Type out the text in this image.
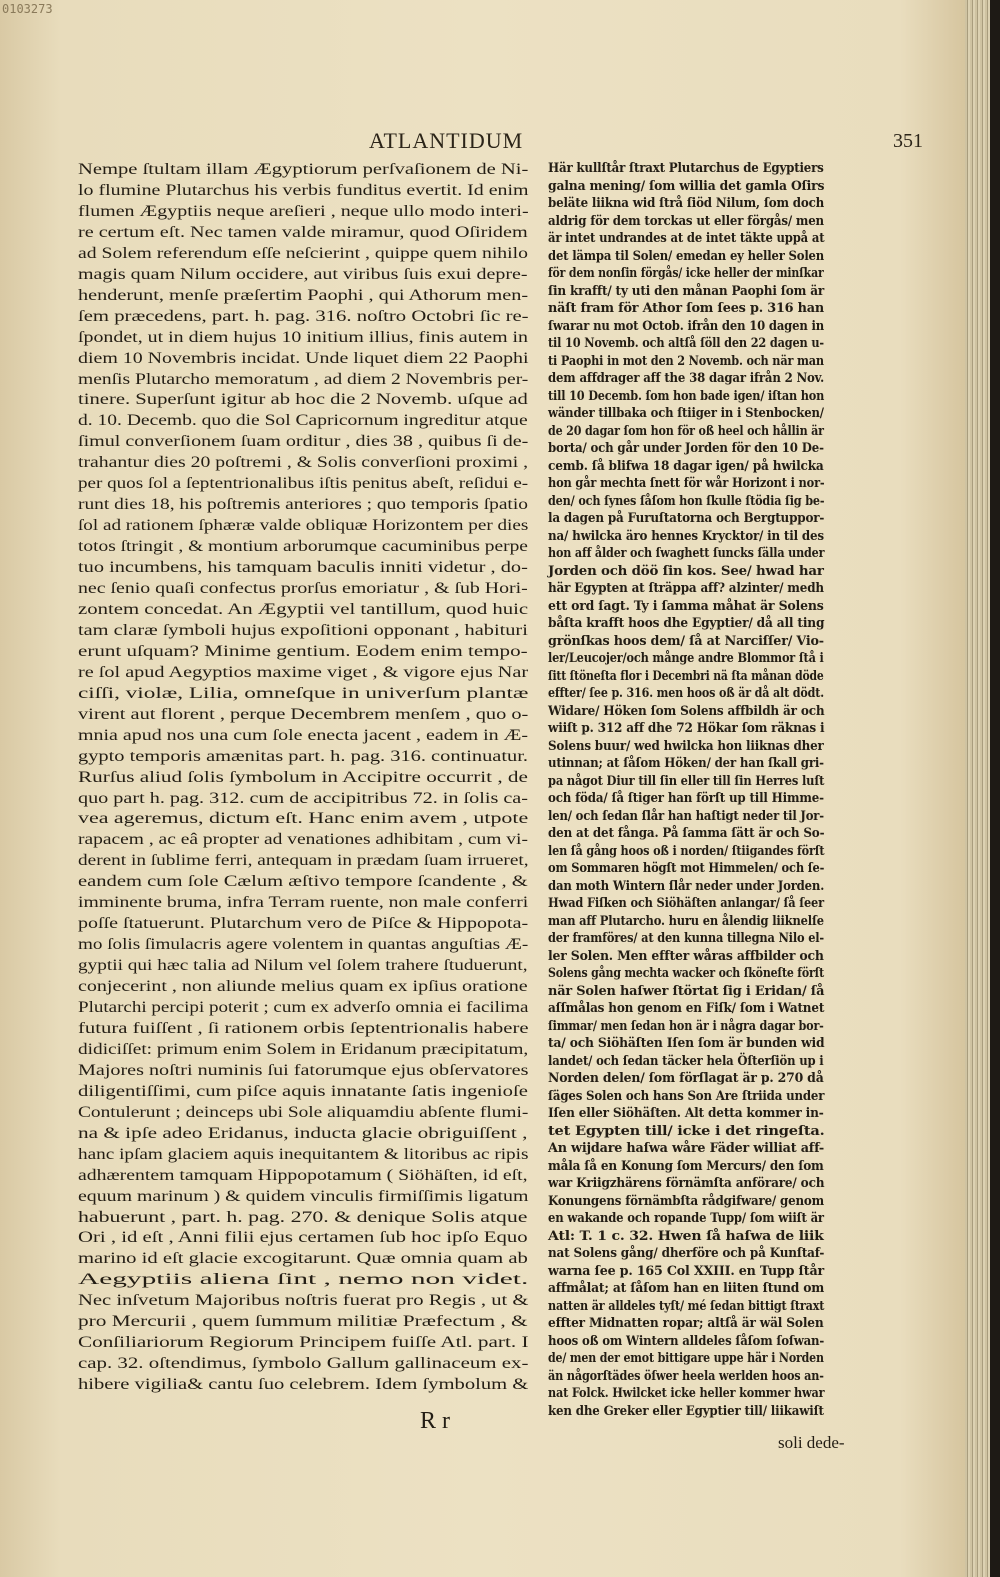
0103273
ATLANTIDUM	351
Nempe ſtultam illam Ægyptiorum perſvaſionem de Ni-
lo flumine Plutarchus his verbis funditus evertit. Id enim
flumen Ægyptiis neque areſieri , neque ullo modo interi-
re certum eſt. Nec tamen valde miramur, quod Oſiridem
ad Solem referendum eſſe neſcierint , quippe quem nihilo
magis quam Nilum occidere, aut viribus ſuis exui depre-
henderunt, menſe præſertim Paophi , qui Athorum men-
ſem præcedens, part. h. pag. 316. noſtro Octobri ſic re-
ſpondet, ut in diem hujus 10 initium illius, finis autem in
diem 10 Novembris incidat. Unde liquet diem 22 Paophi
menſis Plutarcho memoratum , ad diem 2 Novembris per-
tinere. Superſunt igitur ab hoc die 2 Novemb. uſque ad
d. 10. Decemb. quo die Sol Capricornum ingreditur atque
ſimul converſionem ſuam orditur , dies 38 , quibus ſi de-
trahantur dies 20 poſtremi , & Solis converſioni proximi ,
per quos ſol a ſeptentrionalibus iſtis penitus abeſt, reſidui e-
runt dies 18, his poſtremis anteriores ; quo temporis ſpatio
ſol ad rationem ſphæræ valde obliquæ Horizontem per dies
totos ſtringit , & montium arborumque cacuminibus perpe
tuo incumbens, his tamquam baculis inniti videtur , do-
nec ſenio quaſi confectus prorſus emoriatur , & ſub Hori-
zontem concedat. An Ægyptii vel tantillum, quod huic
tam claræ ſymboli hujus expoſitioni opponant , habituri
erunt uſquam? Minime gentium. Eodem enim tempo-
re ſol apud Aegyptios maxime viget , & vigore ejus Nar
ciſſi, violæ, Lilia, omneſque in univerſum plantæ
virent aut florent , perque Decembrem menſem , quo o-
mnia apud nos una cum ſole enecta jacent , eadem in Æ-
gypto temporis amænitas part. h. pag. 316. continuatur.
Rurſus aliud ſolis ſymbolum in Accipitre occurrit , de
quo part h. pag. 312. cum de accipitribus 72. in ſolis ca-
vea ageremus, dictum eſt. Hanc enim avem , utpote
rapacem , ac eâ propter ad venationes adhibitam , cum vi-
derent in ſublime ferri, antequam in prædam ſuam irrueret,
eandem cum ſole Cælum æſtivo tempore ſcandente , &
imminente bruma, infra Terram ruente, non male conferri
poſſe ſtatuerunt. Plutarchum vero de Piſce & Hippopota-
mo ſolis ſimulacris agere volentem in quantas anguſtias Æ-
gyptii qui hæc talia ad Nilum vel ſolem trahere ſtuduerunt,
conjecerint , non aliunde melius quam ex ipſius oratione
Plutarchi percipi poterit ; cum ex adverſo omnia ei facilima
futura fuiſſent , ſi rationem orbis ſeptentrionalis habere
didiciſſet: primum enim Solem in Eridanum præcipitatum,
Majores noſtri numinis ſui fatorumque ejus obſervatores
diligentiſſimi, cum piſce aquis innatante ſatis ingenioſe
Contulerunt ; deinceps ubi Sole aliquamdiu abſente flumi-
na & ipſe adeo Eridanus, inducta glacie obriguiſſent ,
hanc ipſam glaciem aquis inequitantem & litoribus ac ripis
adhærentem tamquam Hippopotamum ( Siöhäſten, id eſt,
equum marinum ) & quidem vinculis firmiſſimis ligatum
habuerunt , part. h. pag. 270. & denique Solis atque
Ori , id eſt , Anni filii ejus certamen ſub hoc ipſo Equo
marino id eſt glacie excogitarunt. Quæ omnia quam ab
Aegyptiis aliena ſint , nemo non videt.
Nec inſvetum Majoribus noſtris fuerat pro Regis , ut &
pro Mercurii , quem ſummum militiæ Præfectum , &
Conſiliariorum Regiorum Principem fuiſſe Atl. part. I
cap. 32. oſtendimus, ſymbolo Gallum gallinaceum ex-
hibere vigilia& cantu ſuo celebrem. Idem ſymbolum &
Här kullſtår ſtraxt Plutarchus de Egyptiers
galna mening/ ſom willia det gamla Oſirs
beläte liikna wid ſtrå ſiöd Nilum, ſom doch
aldrig för dem torckas ut eller förgås/ men
är intet undrandes at de intet täkte uppå at
det lämpa til Solen/ emedan ey heller Solen
för dem nonſin förgås/ icke heller der minſkar
ſin krafft/ ty uti den månan Paophi ſom är
näſt fram för Athor ſom ſees p. 316 han
ſwarar nu mot Octob. ifrån den 10 dagen in
til 10 Novemb. och altſå ſöll den 22 dagen u-
ti Paophi in mot den 2 Novemb. och när man
dem affdrager aff the 38 dagar ifrån 2 Nov.
till 10 Decemb. ſom hon bade igen/ iſtan hon
wänder tillbaka och ſtiiger in i Stenbocken/
de 20 dagar ſom hon för oß heel och hållin är
borta/ och går under Jorden för den 10 De-
cemb. ſå blifwa 18 dagar igen/ på hwilcka
hon går mechta ſnett för wår Horizont i nor-
den/ och ſynes ſåſom hon ſkulle ſtödia ſig be-
la dagen på Furuſtatorna och Bergtuppor-
na/ hwilcka äro hennes Krycktor/ in til des
hon aff ålder och ſwaghett ſuncks ſälla under
Jorden och döö ſin kos. See/ hwad har
här Egypten at ſträppa aff? alzinter/ medh
ett ord ſagt. Ty i ſamma måhat är Solens
båſta krafft hoos dhe Egyptier/ då all ting
grönſkas hoos dem/ ſå at Narciſſer/ Vio-
ler/Leucojer/och månge andre Blommor ſtå i
ſitt ſtöneſta flor i Decembri nä ſta månan döde
effter/ ſee p. 316. men hoos oß är då alt dödt.
Widare/ Höken ſom Solens affbildh är och
wiiſt p. 312 aff dhe 72 Hökar ſom räknas i
Solens buur/ wed hwilcka hon liiknas dher
utinnan; at ſåſom Höken/ der han ſkall gri-
pa något Diur till ſin eller till ſin Herres luſt
och föda/ ſå ſtiger han förſt up till Himme-
len/ och ſedan ſlår han haſtigt neder til Jor-
den at det fånga. På ſamma ſätt är och So-
len ſå gång hoos oß i norden/ ſtiigandes förſt
om Sommaren högſt mot Himmelen/ och ſe-
dan moth Wintern ſlår neder under Jorden.
Hwad Fiſken och Siöhäſten anlangar/ ſå ſeer
man aff Plutarcho. huru en ålendig liiknelſe
der framföres/ at den kunna tillegna Nilo el-
ler Solen. Men effter wåras affbilder och
Solens gång mechta wacker och ſköneſte förſt
när Solen haſwer ſtörtat ſig i Eridan/ ſå
aſſmålas hon genom en Fiſk/ ſom i Watnet
ſimmar/ men ſedan hon är i några dagar bor-
ta/ och Siöhäſten Iſen ſom är bunden wid
landet/ och ſedan täcker hela Öſterſiön up i
Norden delen/ ſom förſlagat är p. 270 då
ſäges Solen och hans Son Are ſtriida under
Iſen eller Siöhäſten. Alt detta kommer in-
tet Egypten till/ icke i det ringeſta.
An wijdare haſwa wåre Fäder williat aff-
måla ſå en Konung ſom Mercurs/ den ſom
war Kriigzhärens förnämſta anförare/ och
Konungens förnämbſta rådgifware/ genom
en wakande och ropande Tupp/ ſom wiiſt är
Atl: T. 1 c. 32. Hwen ſå haſwa de liik
nat Solens gång/ dherföre och på Kunſtaf-
warna ſee p. 165 Col XXIII. en Tupp ſtår
affmålat; at ſåſom han en liiten ſtund om
natten är alldeles tyſt/ mé ſedan bittigt ſtraxt
effter Midnatten ropar; altſå är wäl Solen
hoos oß om Wintern alldeles ſåſom ſoſwan-
de/ men der emot bittigare uppe här i Norden
än någorſtädes öſwer heela werlden hoos an-
nat Folck. Hwilcket icke heller kommer hwar
ken dhe Greker eller Egyptier till/ liikawiſt
R r
soli dede-
